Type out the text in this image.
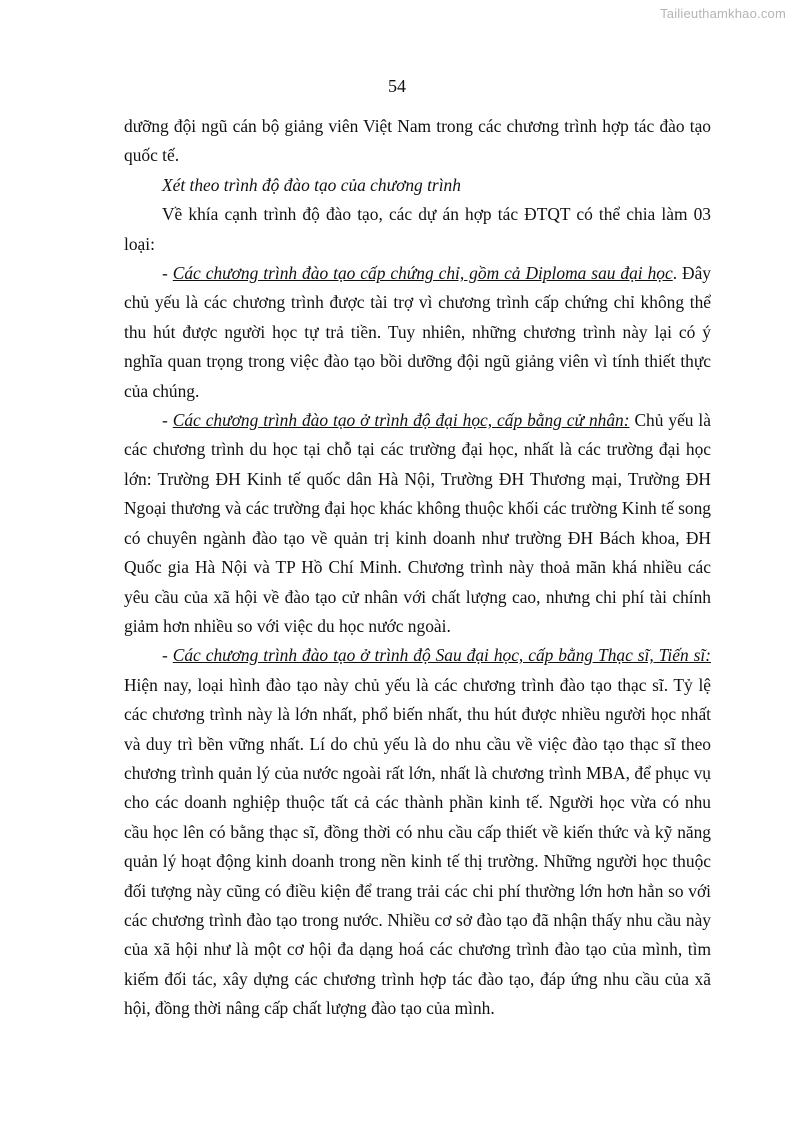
Tailieuthamkhao.com
54

dưỡng đội ngũ cán bộ giảng viên Việt Nam trong các chương trình hợp tác đào tạo quốc tế.

Xét theo trình độ đào tạo của chương trình

Về khía cạnh trình độ đào tạo, các dự án hợp tác ĐTQT có thể chia làm 03 loại:

- Các chương trình đào tạo cấp chứng chỉ, gồm cả Diploma sau đại học. Đây chủ yếu là các chương trình được tài trợ vì chương trình cấp chứng chỉ không thể thu hút được người học tự trả tiền. Tuy nhiên, những chương trình này lại có ý nghĩa quan trọng trong việc đào tạo bồi dưỡng đội ngũ giảng viên vì tính thiết thực của chúng.

- Các chương trình đào tạo ở trình độ đại học, cấp bằng cử nhân: Chủ yếu là các chương trình du học tại chỗ tại các trường đại học, nhất là các trường đại học lớn: Trường ĐH Kinh tế quốc dân Hà Nội, Trường ĐH Thương mại, Trường ĐH Ngoại thương và các trường đại học khác không thuộc khối các trường Kinh tế song có chuyên ngành đào tạo về quản trị kinh doanh như trường ĐH Bách khoa, ĐH Quốc gia Hà Nội và TP Hồ Chí Minh. Chương trình này thoả mãn khá nhiều các yêu cầu của xã hội về đào tạo cử nhân với chất lượng cao, nhưng chi phí tài chính giảm hơn nhiều so với việc du học nước ngoài.

- Các chương trình đào tạo ở trình độ Sau đại học, cấp bằng Thạc sĩ, Tiến sĩ: Hiện nay, loại hình đào tạo này chủ yếu là các chương trình đào tạo thạc sĩ. Tỷ lệ các chương trình này là lớn nhất, phổ biến nhất, thu hút được nhiều người học nhất và duy trì bền vững nhất. Lí do chủ yếu là do nhu cầu về việc đào tạo thạc sĩ theo chương trình quản lý của nước ngoài rất lớn, nhất là chương trình MBA, để phục vụ cho các doanh nghiệp thuộc tất cả các thành phần kinh tế. Người học vừa có nhu cầu học lên có bằng thạc sĩ, đồng thời có nhu cầu cấp thiết về kiến thức và kỹ năng quản lý hoạt động kinh doanh trong nền kinh tế thị trường. Những người học thuộc đối tượng này cũng có điều kiện để trang trải các chi phí thường lớn hơn hẳn so với các chương trình đào tạo trong nước. Nhiều cơ sở đào tạo đã nhận thấy nhu cầu này của xã hội như là một cơ hội đa dạng hoá các chương trình đào tạo của mình, tìm kiếm đối tác, xây dựng các chương trình hợp tác đào tạo, đáp ứng nhu cầu của xã hội, đồng thời nâng cấp chất lượng đào tạo của mình.
